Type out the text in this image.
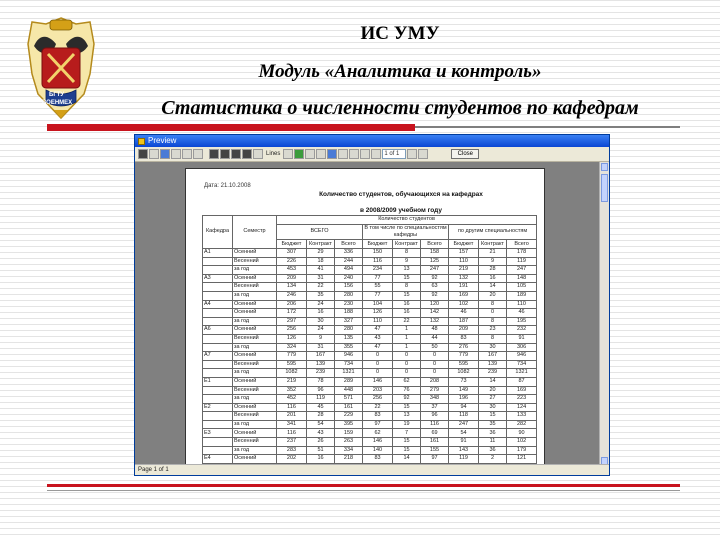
БГТУ
ВОЕНМЕХ
ИС УМУ
Модуль «Аналитика и контроль»
Статистика о численности студентов по кафедрам
Preview
Lines	1 of 1	Close
Дата: 21.10.2008
Количество студентов, обучающихся на кафедрах
в 2008/2009 учебном году
Кафедра	Семестр	Количество студентов								
		ВСЕГО			В том числе по специальностям кафедры			по другим специальностям		

		Бюджет	Контракт	Всего	Бюджет	Контракт	Всего	Бюджет	Контракт	Всего
А1	Осенний	307	29	336	150	8	158	157	21	178
	Весенний	226	18	244	116	9	125	110	9	119
	за год	453	41	494	234	13	247	219	28	247
А3	Осенний	209	31	240	77	15	92	132	16	148
	Весенний	134	22	156	55	8	63	191	14	105
	за год	246	35	280	77	15	92	169	20	189
А4	Осенний	206	24	230	104	16	120	102	8	110
	Осенний	172	16	188	126	16	142	46	0	46
	за год	297	30	327	110	22	132	187	8	195
А6	Осенний	256	24	280	47	1	48	209	23	232
	Весенний	126	9	135	43	1	44	83	8	91
	за год	324	31	355	47	1	50	276	30	306
А7	Осенний	779	167	946	0	0	0	779	167	946
	Весенний	595	139	734	0	0	0	595	139	734
	за год	1082	239	1321	0	0	0	1082	239	1321
Е1	Осенний	219	78	289	146	62	208	73	14	87
	Весенний	352	96	448	203	76	279	149	20	169
	за год	452	119	571	256	92	348	196	27	223
Е2	Осенний	116	45	161	22	15	37	94	30	124
	Весенний	201	28	229	83	13	96	118	15	133
	за год	341	54	395	97	19	116	247	35	282
Е3	Осенний	116	43	159	62	7	69	54	36	90
	Весенний	237	26	263	146	15	161	91	11	102
	за год	283	51	334	140	15	155	143	36	179
Е4	Осенний	202	16	218	83	14	97	119	2	121
Page 1 of 1
